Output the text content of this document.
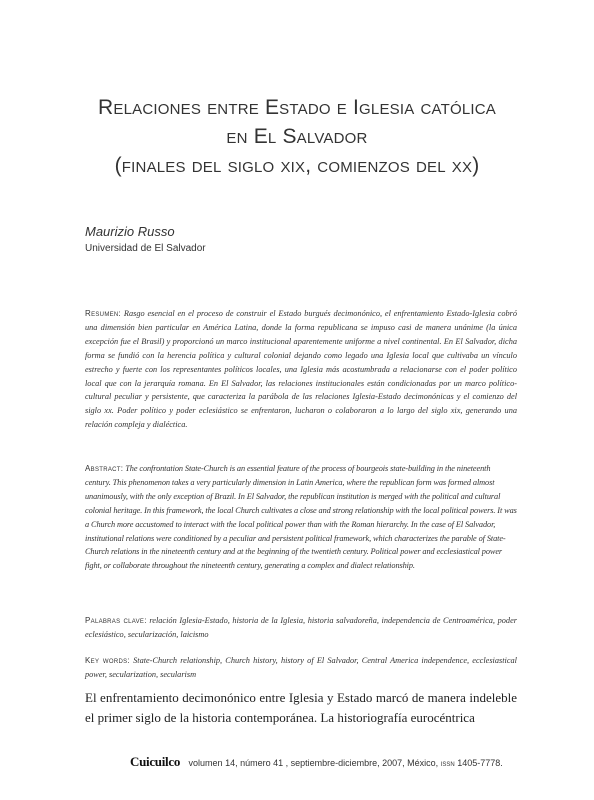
Relaciones entre Estado e Iglesia católica
en El Salvador
(finales del siglo xix, comienzos del xx)
Maurizio Russo
Universidad de El Salvador
Resumen: Rasgo esencial en el proceso de construir el Estado burgués decimonónico, el enfrentamiento Estado-Iglesia cobró una dimensión bien particular en América Latina, donde la forma republicana se impuso casi de manera unánime (la única excepción fue el Brasil) y proporcionó un marco institucional aparentemente uniforme a nivel continental. En El Salvador, dicha forma se fundió con la herencia política y cultural colonial dejando como legado una Iglesia local que cultivaba un vínculo estrecho y fuerte con los representantes políticos locales, una Iglesia más acostumbrada a relacionarse con el poder político local que con la jerarquía romana. En El Salvador, las relaciones institucionales están condicionadas por un marco político-cultural peculiar y persistente, que caracteriza la parábola de las relaciones Iglesia-Estado decimonónicas y el comienzo del siglo xx. Poder político y poder eclesiástico se enfrentaron, lucharon o colaboraron a lo largo del siglo xix, generando una relación compleja y dialéctica.
Abstract: The confrontation State-Church is an essential feature of the process of bourgeois state-building in the nineteenth century. This phenomenon takes a very particularly dimension in Latin America, where the republican form was formed almost unanimously, with the only exception of Brazil. In El Salvador, the republican institution is merged with the political and cultural colonial heritage. In this framework, the local Church cultivates a close and strong relationship with the local political powers. It was a Church more accustomed to interact with the local political power than with the Roman hierarchy. In the case of El Salvador, institutional relations were conditioned by a peculiar and persistent political framework, which characterizes the parable of State-Church relations in the nineteenth century and at the beginning of the twentieth century. Political power and ecclesiastical power fight, or collaborate throughout the nineteenth century, generating a complex and dialect relationship.
Palabras clave: relación Iglesia-Estado, historia de la Iglesia, historia salvadoreña, independencia de Centroamérica, poder eclesiástico, secularización, laicismo
Key words: State-Church relationship, Church history, history of El Salvador, Central America independence, ecclesiastical power, secularization, secularism
El enfrentamiento decimonónico entre Iglesia y Estado marcó de manera indeleble el primer siglo de la historia contemporánea. La historiografía eurocéntrica
Cuicuilco volumen 14, número 41 , septiembre-diciembre, 2007, México, issn 1405-7778.
